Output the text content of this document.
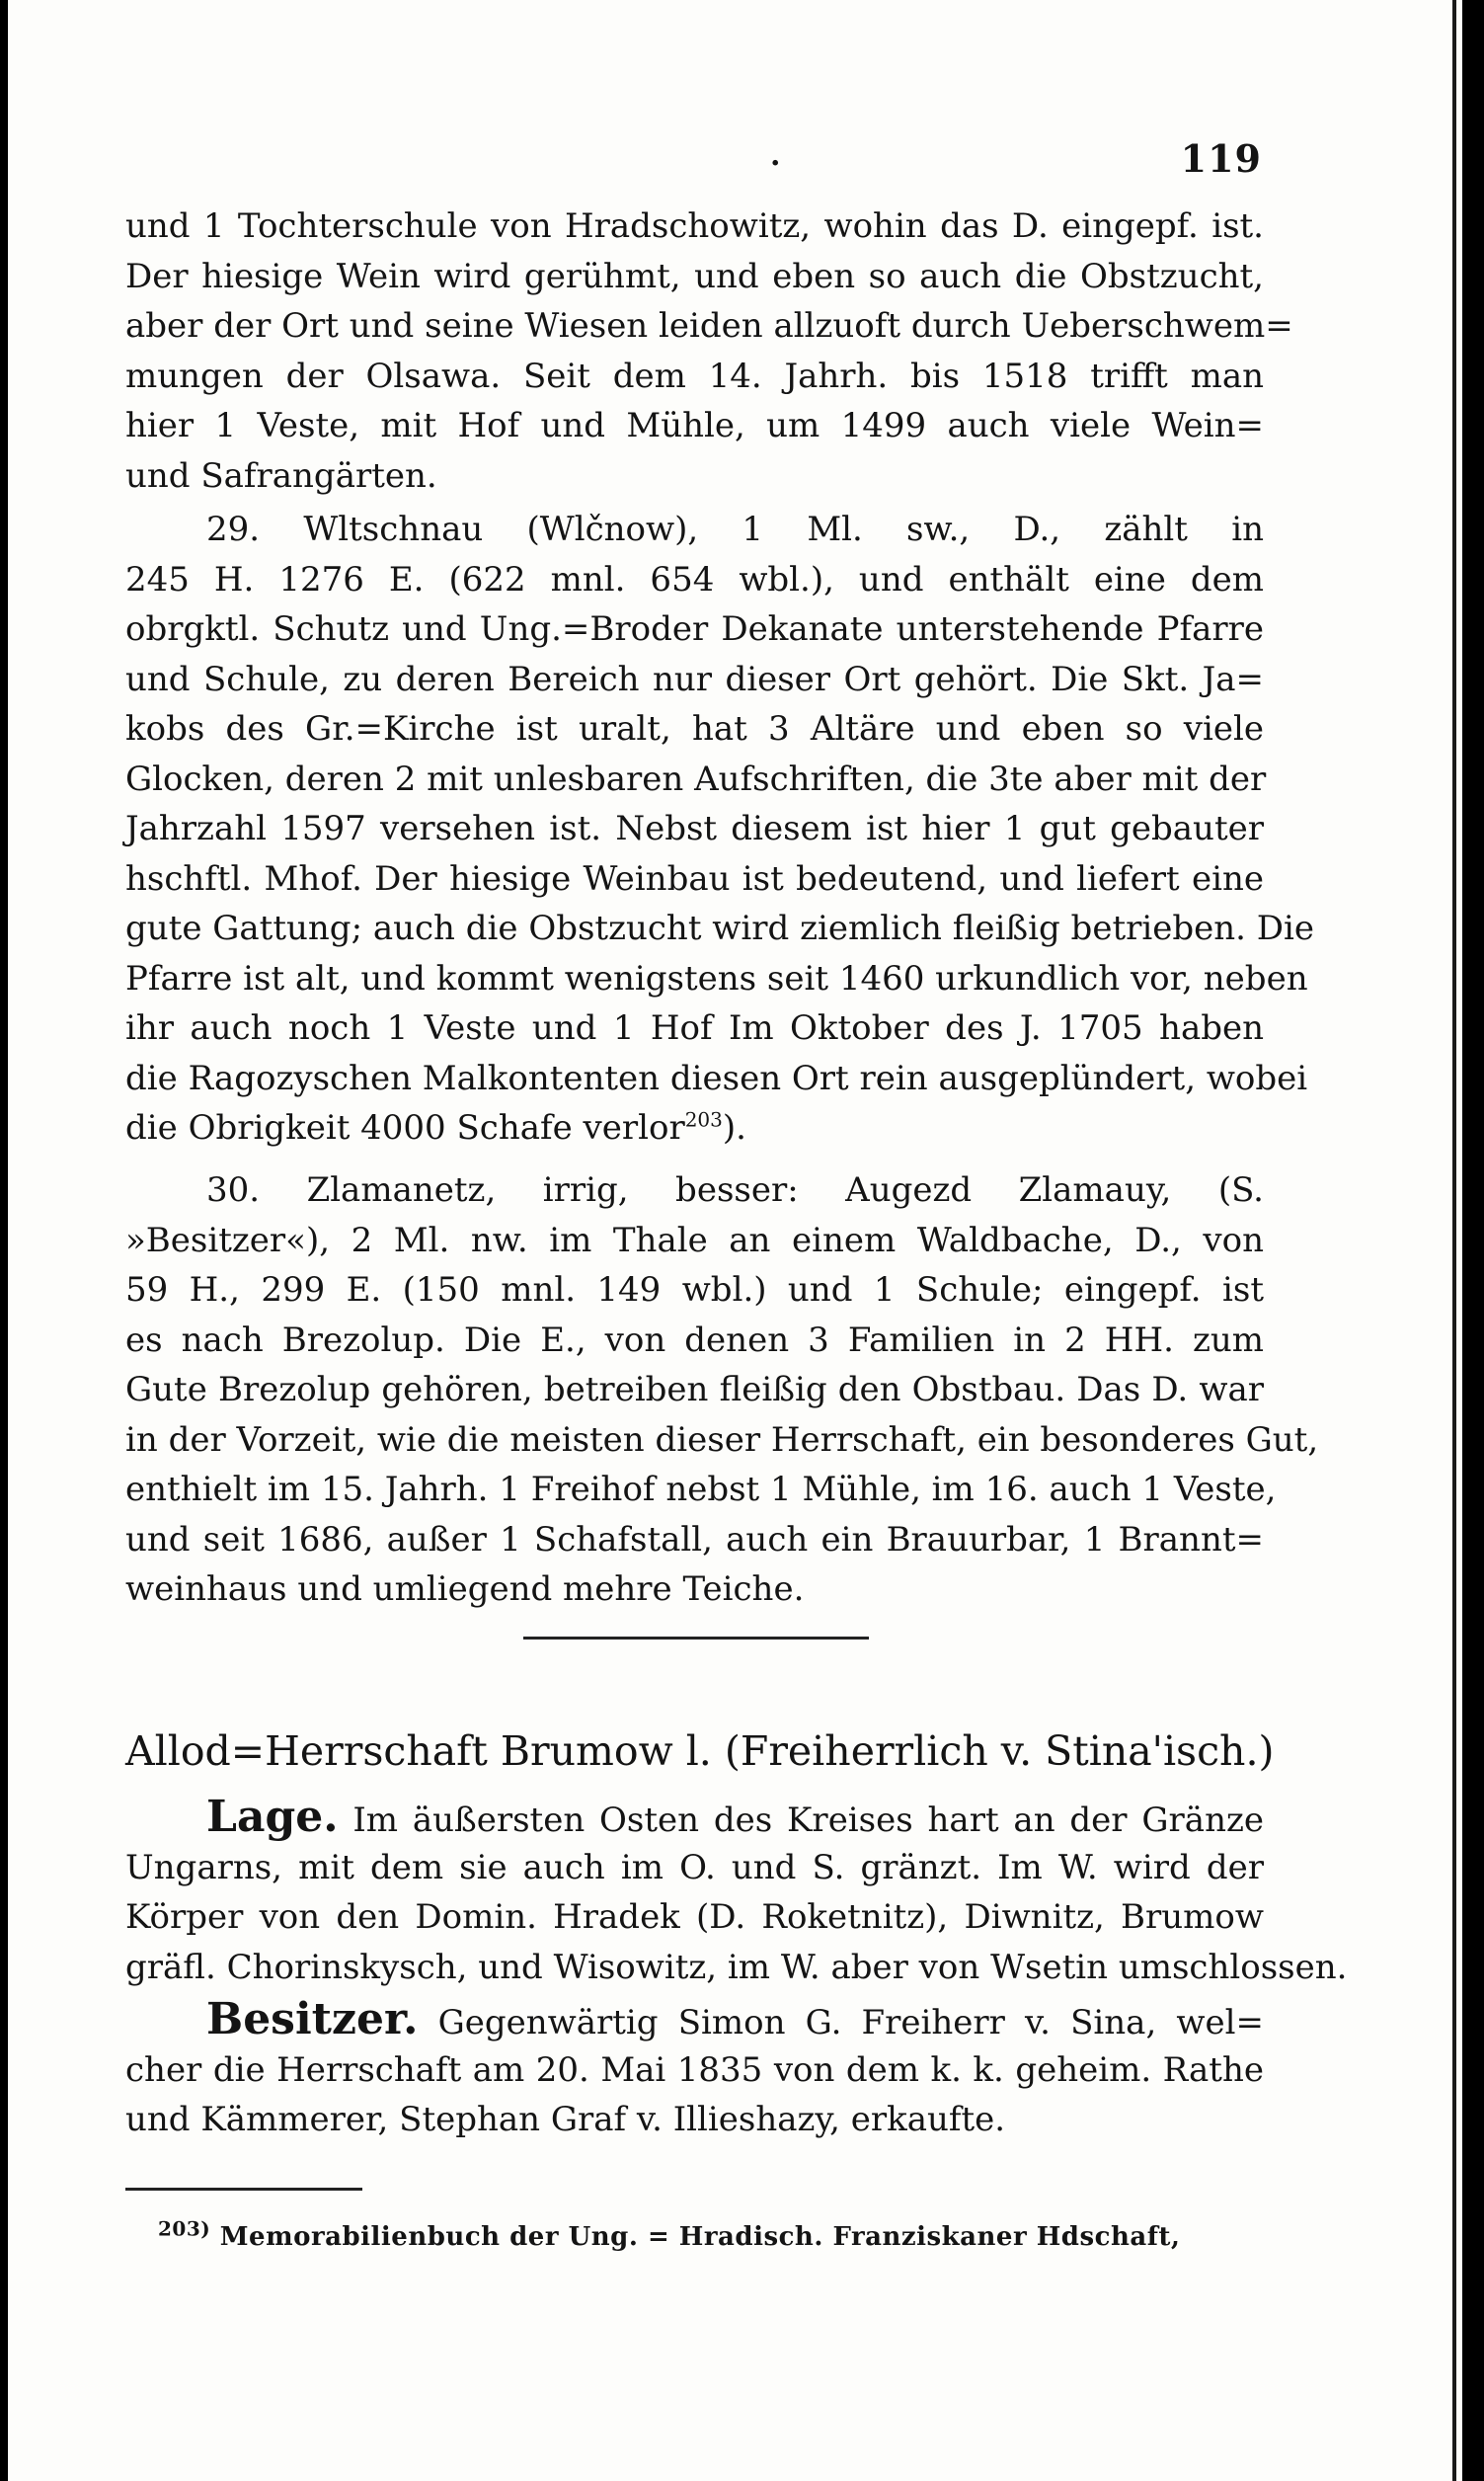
.	119
und 1 Tochterschule von Hradschowitz, wohin das D. eingepf. ist.
Der hiesige Wein wird gerühmt, und eben so auch die Obstzucht,
aber der Ort und seine Wiesen leiden allzuoft durch Ueberschwem=
mungen der Olsawa. Seit dem 14. Jahrh. bis 1518 trifft man
hier 1 Veste, mit Hof und Mühle, um 1499 auch viele Wein=
und Safrangärten.
29. Wltschnau (Wlčnow), 1 Ml. sw., D., zählt in
245 H. 1276 E. (622 mnl. 654 wbl.), und enthält eine dem
obrgktl. Schutz und Ung.=Broder Dekanate unterstehende Pfarre
und Schule, zu deren Bereich nur dieser Ort gehört. Die Skt. Ja=
kobs des Gr.=Kirche ist uralt, hat 3 Altäre und eben so viele
Glocken, deren 2 mit unlesbaren Aufschriften, die 3te aber mit der
Jahrzahl 1597 versehen ist. Nebst diesem ist hier 1 gut gebauter
hschftl. Mhof. Der hiesige Weinbau ist bedeutend, und liefert eine
gute Gattung; auch die Obstzucht wird ziemlich fleißig betrieben. Die
Pfarre ist alt, und kommt wenigstens seit 1460 urkundlich vor, neben
ihr auch noch 1 Veste und 1 Hof Im Oktober des J. 1705 haben
die Ragozyschen Malkontenten diesen Ort rein ausgeplündert, wobei
die Obrigkeit 4000 Schafe verlor$^{203}$).
30. Zlamanetz, irrig, besser: Augezd Zlamauy, (S.
»Besitzer«), 2 Ml. nw. im Thale an einem Waldbache, D., von
59 H., 299 E. (150 mnl. 149 wbl.) und 1 Schule; eingepf. ist
es nach Brezolup. Die E., von denen 3 Familien in 2 HH. zum
Gute Brezolup gehören, betreiben fleißig den Obstbau. Das D. war
in der Vorzeit, wie die meisten dieser Herrschaft, ein besonderes Gut,
enthielt im 15. Jahrh. 1 Freihof nebst 1 Mühle, im 16. auch 1 Veste,
und seit 1686, außer 1 Schafstall, auch ein Brauurbar, 1 Brannt=
weinhaus und umliegend mehre Teiche.
Allod=Herrschaft Brumow l. (Freiherrlich v. Stina'isch.)
Lage. Im äußersten Osten des Kreises hart an der Gränze
Ungarns, mit dem sie auch im O. und S. gränzt. Im W. wird der
Körper von den Domin. Hradek (D. Roketnitz), Diwnitz, Brumow
gräfl. Chorinskysch, und Wisowitz, im W. aber von Wsetin umschlossen.
Besitzer. Gegenwärtig Simon G. Freiherr v. Sina, wel=
cher die Herrschaft am 20. Mai 1835 von dem k. k. geheim. Rathe
und Kämmerer, Stephan Graf v. Illieshazy, erkaufte.
$^{203)}$ Memorabilienbuch der Ung. = Hradisch. Franziskaner Hdschaft,
